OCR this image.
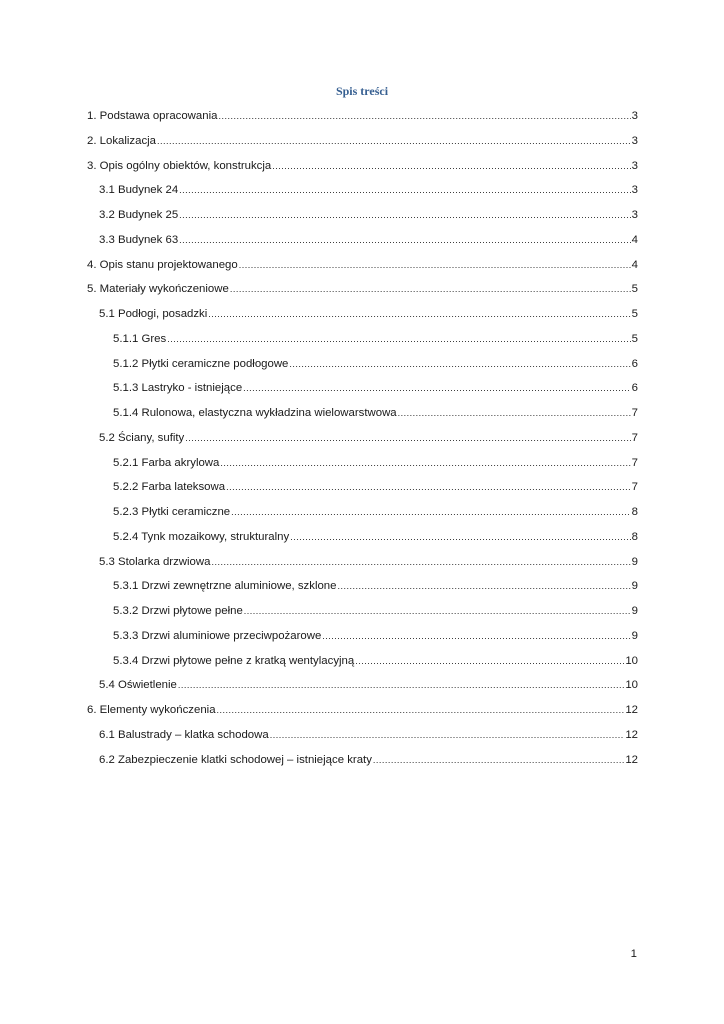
Spis treści
1. Podstawa opracowania .....	3
2. Lokalizacja .....	3
3. Opis ogólny obiektów, konstrukcja .....	3
3.1 Budynek 24 .....	3
3.2 Budynek 25 .....	3
3.3 Budynek 63 .....	4
4. Opis stanu projektowanego .....	4
5. Materiały wykończeniowe .....	5
5.1 Podłogi, posadzki .....	5
5.1.1 Gres .....	5
5.1.2 Płytki ceramiczne podłogowe .....	6
5.1.3 Lastryko - istniejące .....	6
5.1.4 Rulonowa, elastyczna wykładzina wielowarstwowa .....	7
5.2 Ściany, sufity .....	7
5.2.1 Farba akrylowa .....	7
5.2.2 Farba lateksowa .....	7
5.2.3 Płytki ceramiczne .....	8
5.2.4 Tynk mozaikowy, strukturalny .....	8
5.3 Stolarka drzwiowa .....	9
5.3.1 Drzwi zewnętrzne aluminiowe, szklone .....	9
5.3.2 Drzwi płytowe pełne .....	9
5.3.3 Drzwi aluminiowe przeciwpożarowe .....	9
5.3.4 Drzwi płytowe pełne z kratką wentylacyjną .....	10
5.4 Oświetlenie .....	10
6. Elementy wykończenia .....	12
6.1 Balustrady – klatka schodowa .....	12
6.2 Zabezpieczenie klatki schodowej – istniejące kraty .....	12
1
